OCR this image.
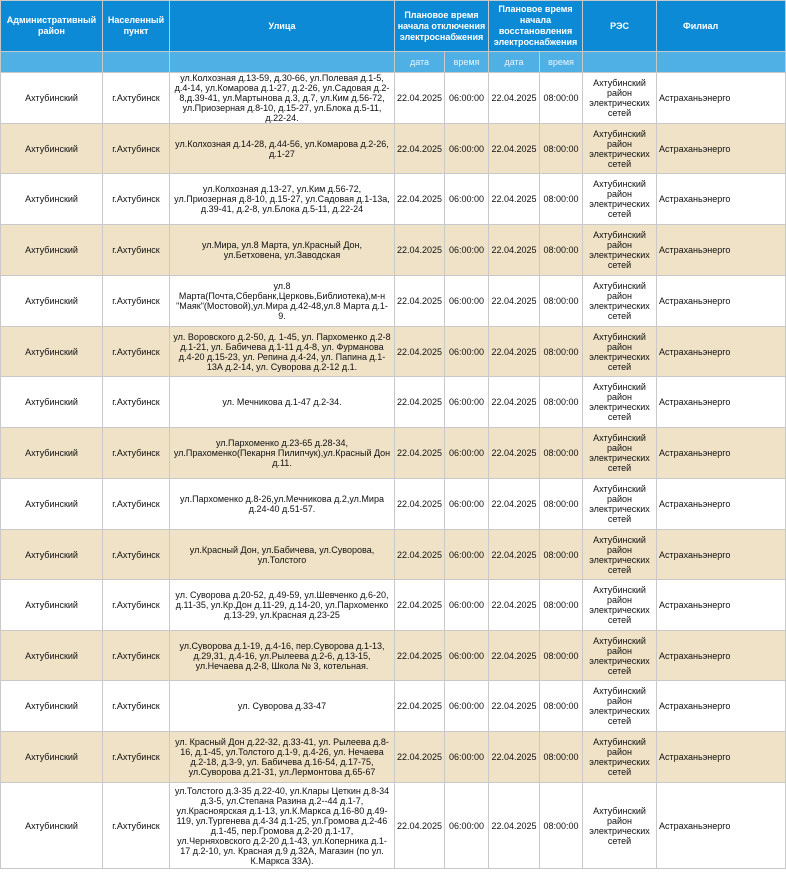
Административный район	Населенный пункт	Улица	Плановое время начала отключения электроснабжения		Плановое время начала восстановления электроснабжения		РЭС	Филиал
			дата	время	дата	время		
Ахтубинский	г.Ахтубинск	ул.Колхозная д.13-59, д.30-66, ул.Полевая д.1-5, д.4-14, ул.Комарова д.1-27, д.2-26, ул.Садовая д.2-8,д.39-41, ул.Мартынова д.3, д.7, ул.Ким д.56-72, ул.Приозерная д.8-10, д.15-27, ул.Блока д.5-11, д.22-24.	22.04.2025	06:00:00	22.04.2025	08:00:00	Ахтубинский район электрических сетей	Астраханьэнерго
Ахтубинский	г.Ахтубинск	ул.Колхозная д.14-28, д.44-56, ул.Комарова д.2-26, д.1-27	22.04.2025	06:00:00	22.04.2025	08:00:00	Ахтубинский район электрических сетей	Астраханьэнерго
Ахтубинский	г.Ахтубинск	ул.Колхозная д.13-27, ул.Ким д.56-72, ул.Приозерная д.8-10, д.15-27, ул.Садовая д.1-13а, д.39-41, д.2-8, ул.Блока д.5-11, д.22-24	22.04.2025	06:00:00	22.04.2025	08:00:00	Ахтубинский район электрических сетей	Астраханьэнерго
Ахтубинский	г.Ахтубинск	ул.Мира, ул.8 Марта, ул.Красный Дон, ул.Бетховена, ул.Заводская	22.04.2025	06:00:00	22.04.2025	08:00:00	Ахтубинский район электрических сетей	Астраханьэнерго
Ахтубинский	г.Ахтубинск	ул.8 Марта(Почта,Сбербанк,Церковь,Библиотека),м-н "Маяк"(Мостовой),ул.Мира д.42-48,ул.8 Марта д.1-9.	22.04.2025	06:00:00	22.04.2025	08:00:00	Ахтубинский район электрических сетей	Астраханьэнерго
Ахтубинский	г.Ахтубинск	ул. Воровского д.2-50, д. 1-45, ул. Пархоменко д.2-8 д.1-21, ул. Бабичева д.1-11 д.4-8, ул. Фурманова д.4-20 д.15-23, ул. Репина д.4-24, ул. Папина д.1-13А д.2-14, ул. Суворова д.2-12 д.1.	22.04.2025	06:00:00	22.04.2025	08:00:00	Ахтубинский район электрических сетей	Астраханьэнерго
Ахтубинский	г.Ахтубинск	ул. Мечникова д.1-47 д.2-34.	22.04.2025	06:00:00	22.04.2025	08:00:00	Ахтубинский район электрических сетей	Астраханьэнерго
Ахтубинский	г.Ахтубинск	ул.Пархоменко д.23-65 д.28-34, ул.Прахоменко(Пекарня Пилипчук),ул.Красный Дон д.11.	22.04.2025	06:00:00	22.04.2025	08:00:00	Ахтубинский район электрических сетей	Астраханьэнерго
Ахтубинский	г.Ахтубинск	ул.Пархоменко д.8-26,ул.Мечникова д.2,ул.Мира д.24-40 д.51-57.	22.04.2025	06:00:00	22.04.2025	08:00:00	Ахтубинский район электрических сетей	Астраханьэнерго
Ахтубинский	г.Ахтубинск	ул.Красный Дон, ул.Бабичева, ул.Суворова, ул.Толстого	22.04.2025	06:00:00	22.04.2025	08:00:00	Ахтубинский район электрических сетей	Астраханьэнерго
Ахтубинский	г.Ахтубинск	ул. Суворова д.20-52, д.49-59, ул.Шевченко д.6-20, д.11-35, ул.Кр.Дон д.11-29, д.14-20, ул.Пархоменко д.13-29, ул.Красная д.23-25	22.04.2025	06:00:00	22.04.2025	08:00:00	Ахтубинский район электрических сетей	Астраханьэнерго
Ахтубинский	г.Ахтубинск	ул.Суворова д.1-19, д.4-16, пер.Суворова д.1-13, д.29,31, д.4-16, ул.Рылеева д.2-6, д.13-15, ул.Нечаева д.2-8, Школа № 3, котельная.	22.04.2025	06:00:00	22.04.2025	08:00:00	Ахтубинский район электрических сетей	Астраханьэнерго
Ахтубинский	г.Ахтубинск	ул. Суворова д.33-47	22.04.2025	06:00:00	22.04.2025	08:00:00	Ахтубинский район электрических сетей	Астраханьэнерго
Ахтубинский	г.Ахтубинск	ул. Красный Дон д.22-32, д.33-41, ул. Рылеева д.8-16, д.1-45, ул.Толстого д.1-9, д.4-26, ул. Нечаева д.2-18, д.3-9, ул. Бабичева д.16-54, д.17-75, ул.Суворова д.21-31, ул.Лермонтова д.65-67	22.04.2025	06:00:00	22.04.2025	08:00:00	Ахтубинский район электрических сетей	Астраханьэнерго
Ахтубинский	г.Ахтубинск	ул.Толстого д.3-35 д.22-40, ул.Клары Цеткин д.8-34 д.3-5, ул.Степана Разина д.2--44 д.1-7, ул.Красноярская д.1-13, ул.К.Маркса д.16-80 д.49-119, ул.Тургенева д.4-34 д.1-25, ул.Громова д.2-46 д.1-45, пер.Громова д.2-20 д.1-17, ул.Черняховского д.2-20 д.1-43, ул.Коперника д.1-17 д.2-10, ул. Красная д.9 д.32А, Магазин (по ул. К.Маркса 33А).	22.04.2025	06:00:00	22.04.2025	08:00:00	Ахтубинский район электрических сетей	Астраханьэнерго
